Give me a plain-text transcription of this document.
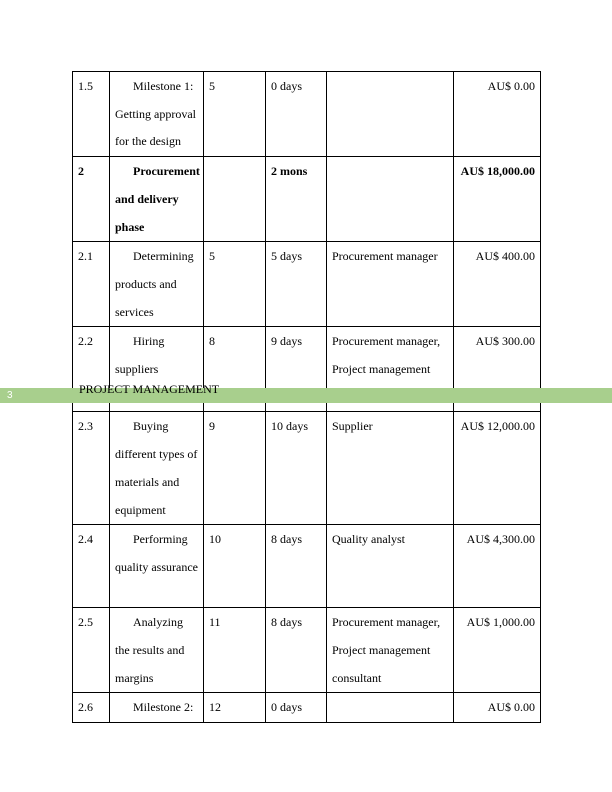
1.5	Milestone 1: Getting approval for the design	5	0 days		AU$ 0.00
2	Procurement and delivery phase		2 mons		AU$ 18,000.00
2.1	Determining products and services	5	5 days	Procurement manager	AU$ 400.00
2.2	Hiring suppliers	8	9 days	Procurement manager, Project management	AU$ 300.00
2.3	Buying different types of materials and equipment	9	10 days	Supplier	AU$ 12,000.00
2.4	Performing quality assurance	10	8 days	Quality analyst	AU$ 4,300.00
2.5	Analyzing the results and margins	11	8 days	Procurement manager, Project management consultant	AU$ 1,000.00
2.6	Milestone 2:	12	0 days		AU$ 0.00
3	PROJECT MANAGEMENT
